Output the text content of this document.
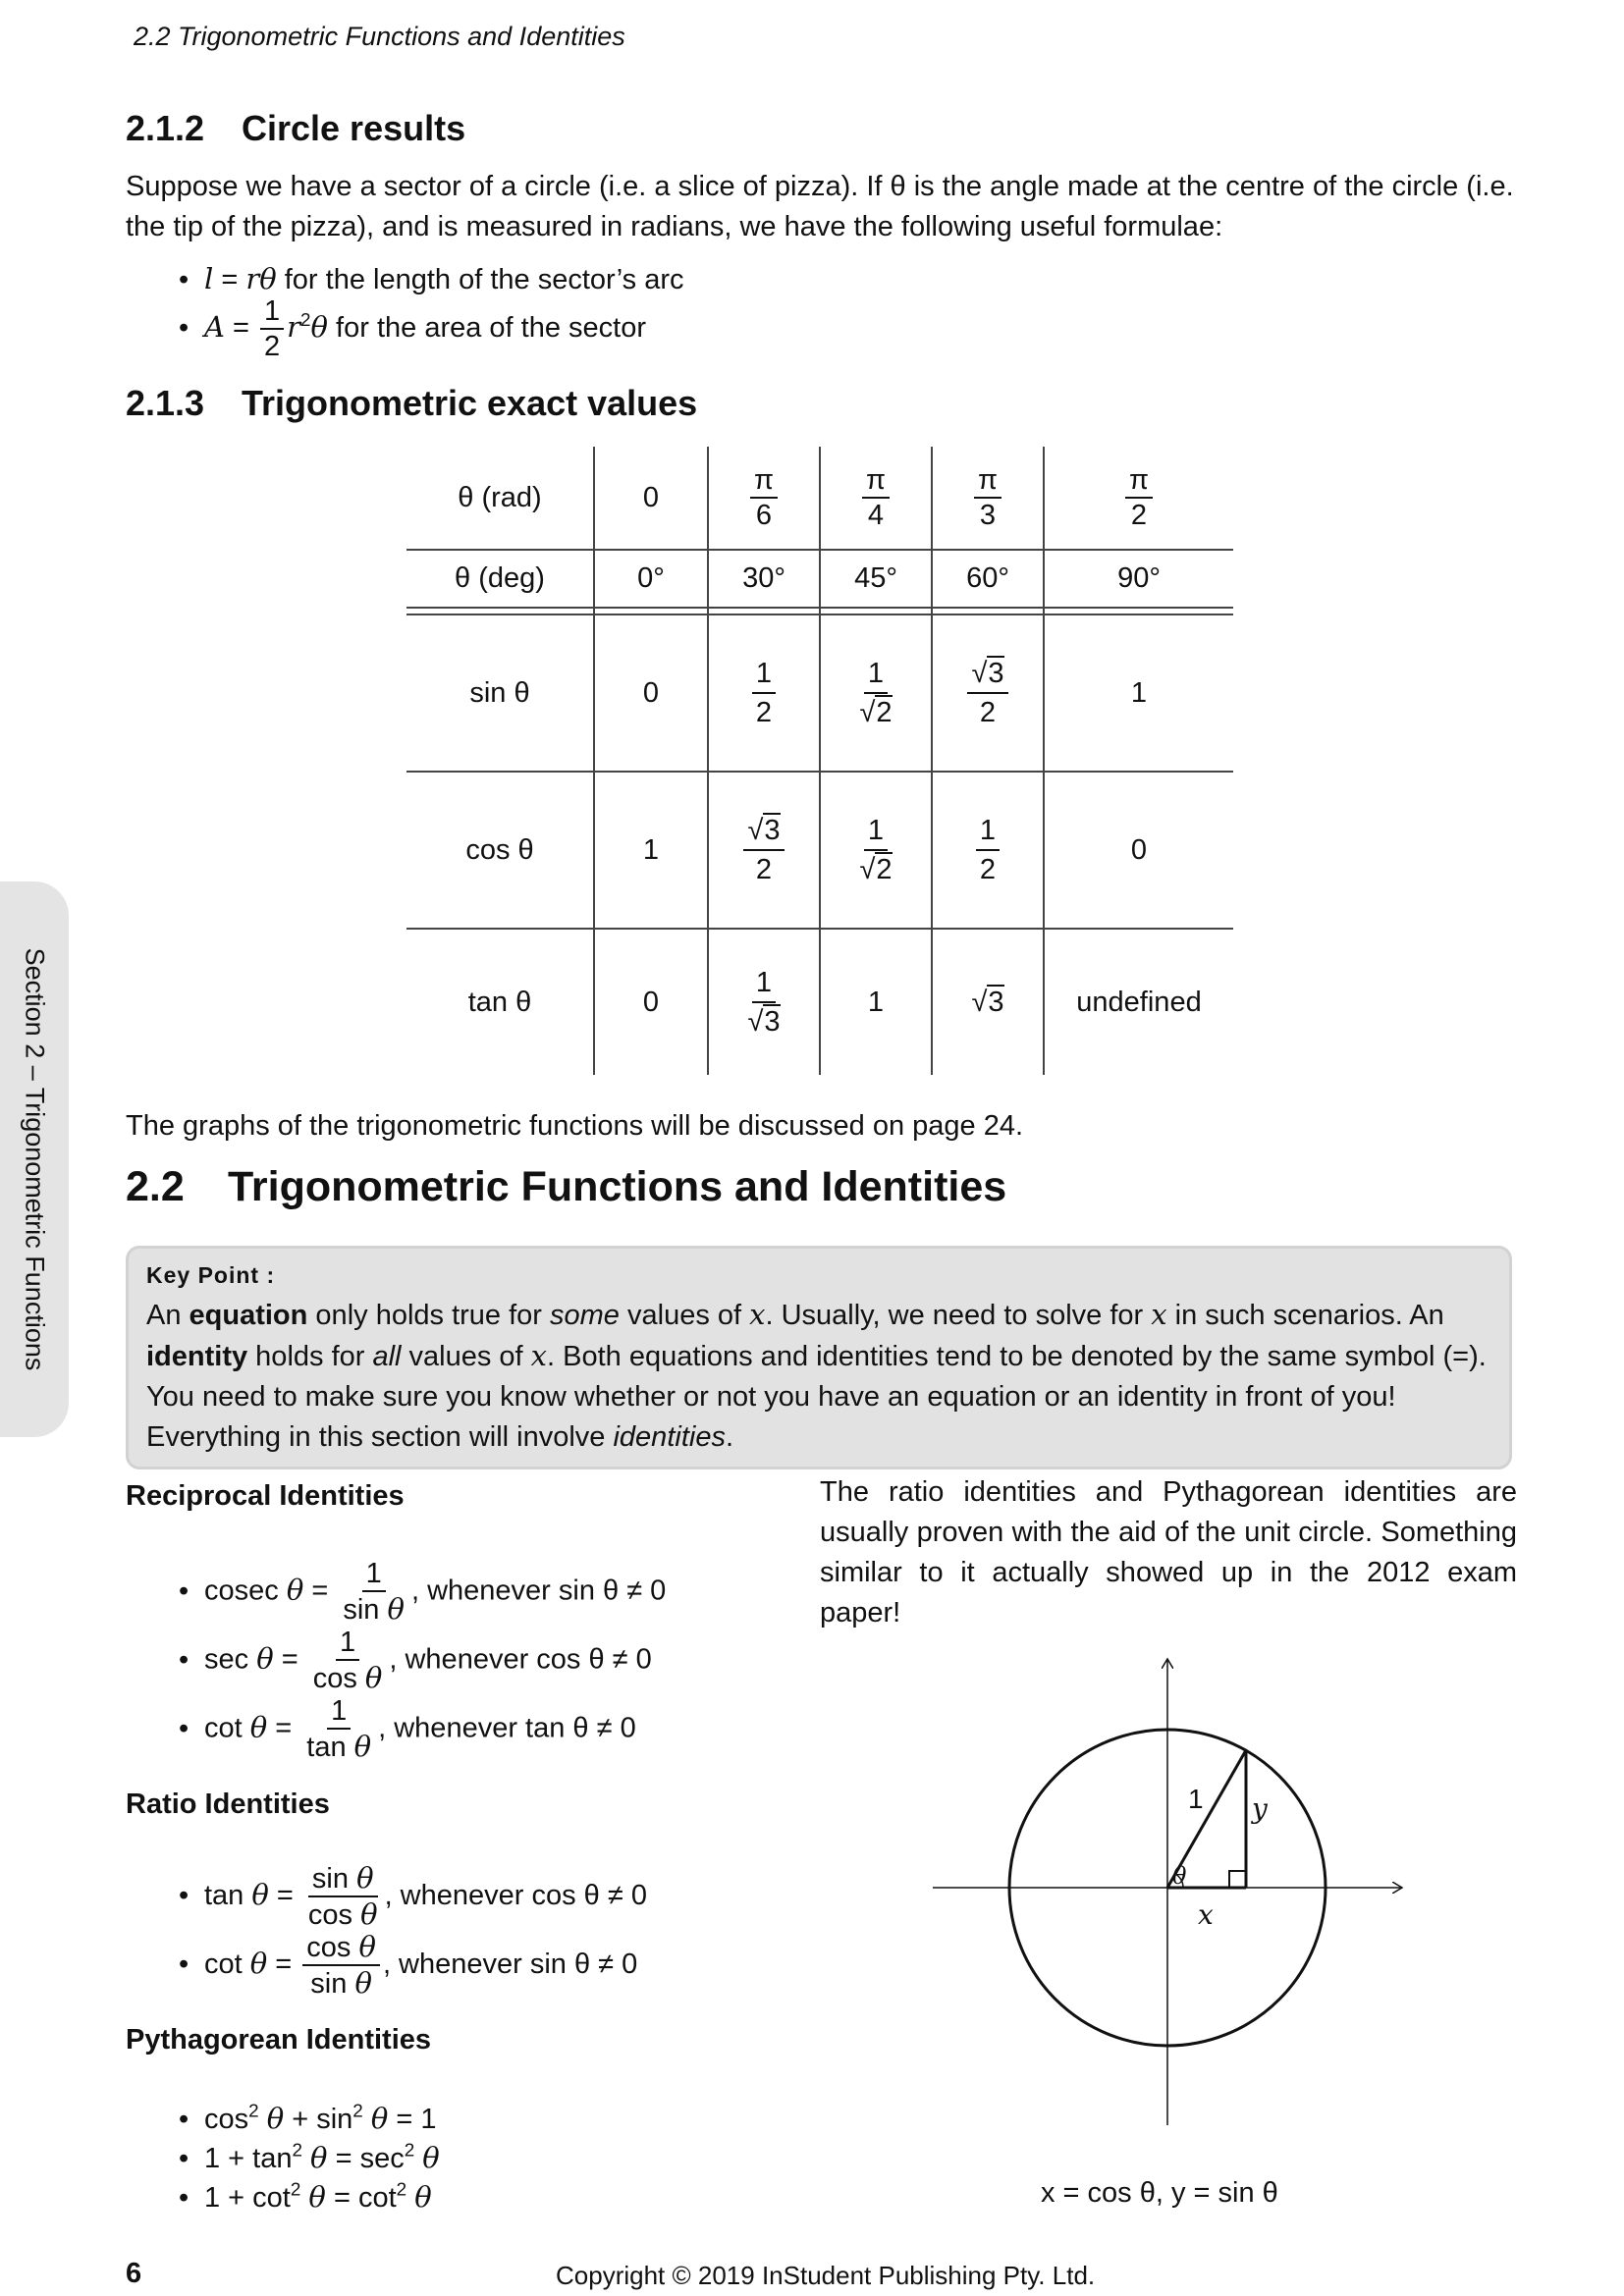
2.2 Trigonometric Functions and Identities
2.1.2 Circle results
Suppose we have a sector of a circle (i.e. a slice of pizza). If θ is the angle made at the centre of the circle (i.e. the tip of the pizza), and is measured in radians, we have the following useful formulae:
• l = rθ for the length of the sector’s arc
• $A = \frac{1}{2} r^2\theta$ for the area of the sector
2.1.3 Trigonometric exact values
θ (rad)	0	$\frac{\pi}{6}$	$\frac{\pi}{4}$	$\frac{\pi}{3}$	$\frac{\pi}{2}$
θ (deg)	0°	30°	45°	60°	90°
sin θ	0	$\frac{1}{2}$	$\frac{1}{√2}$	$\frac{√3}{2}$	1
cos θ	1	$\frac{√3}{2}$	$\frac{1}{√2}$	$\frac{1}{2}$	0
tan θ	0	$\frac{1}{√3}$	1	√3	undefined
The graphs of the trigonometric functions will be discussed on page 24.
2.2 Trigonometric Functions and Identities
Key Point :
An equation only holds true for some values of x. Usually, we need to solve for x in such scenarios. An identity holds for all values of x. Both equations and identities tend to be denoted by the same symbol (=). You need to make sure you know whether or not you have an equation or an identity in front of you! Everything in this section will involve identities.
Reciprocal Identities
• cosec $\theta = \frac{1}{\text{sin θ}}$ , whenever sin θ ≠ 0
• $\sec \theta = \frac{1}{\text{cos θ}}$ , whenever cos θ ≠ 0
• $\cot \theta = \frac{1}{\text{tan θ}}$ , whenever tan θ ≠ 0
Ratio Identities
• $\tan \theta = \frac{\text{sin θ}}{\text{cos θ}}$ , whenever cos θ ≠ 0
• $\cot \theta = \frac{\text{cos θ}}{\text{sin θ}}$ , whenever sin θ ≠ 0
Pythagorean Identities
• $\cos^2 \theta + \sin^2 \theta = 1$
• $1 + \tan^2 \theta = \sec^2 \theta$
• $1 + \cot^2 \theta = \cot^2 \theta$
The ratio identities and Pythagorean identities are usually proven with the aid of the unit circle. Something similar to it actually showed up in the 2012 exam paper!
1 y
θ
x
x = cos θ, y = sin θ
Section 2 – Trigonometric Functions
6	Copyright © 2019 InStudent Publishing Pty. Ltd.
